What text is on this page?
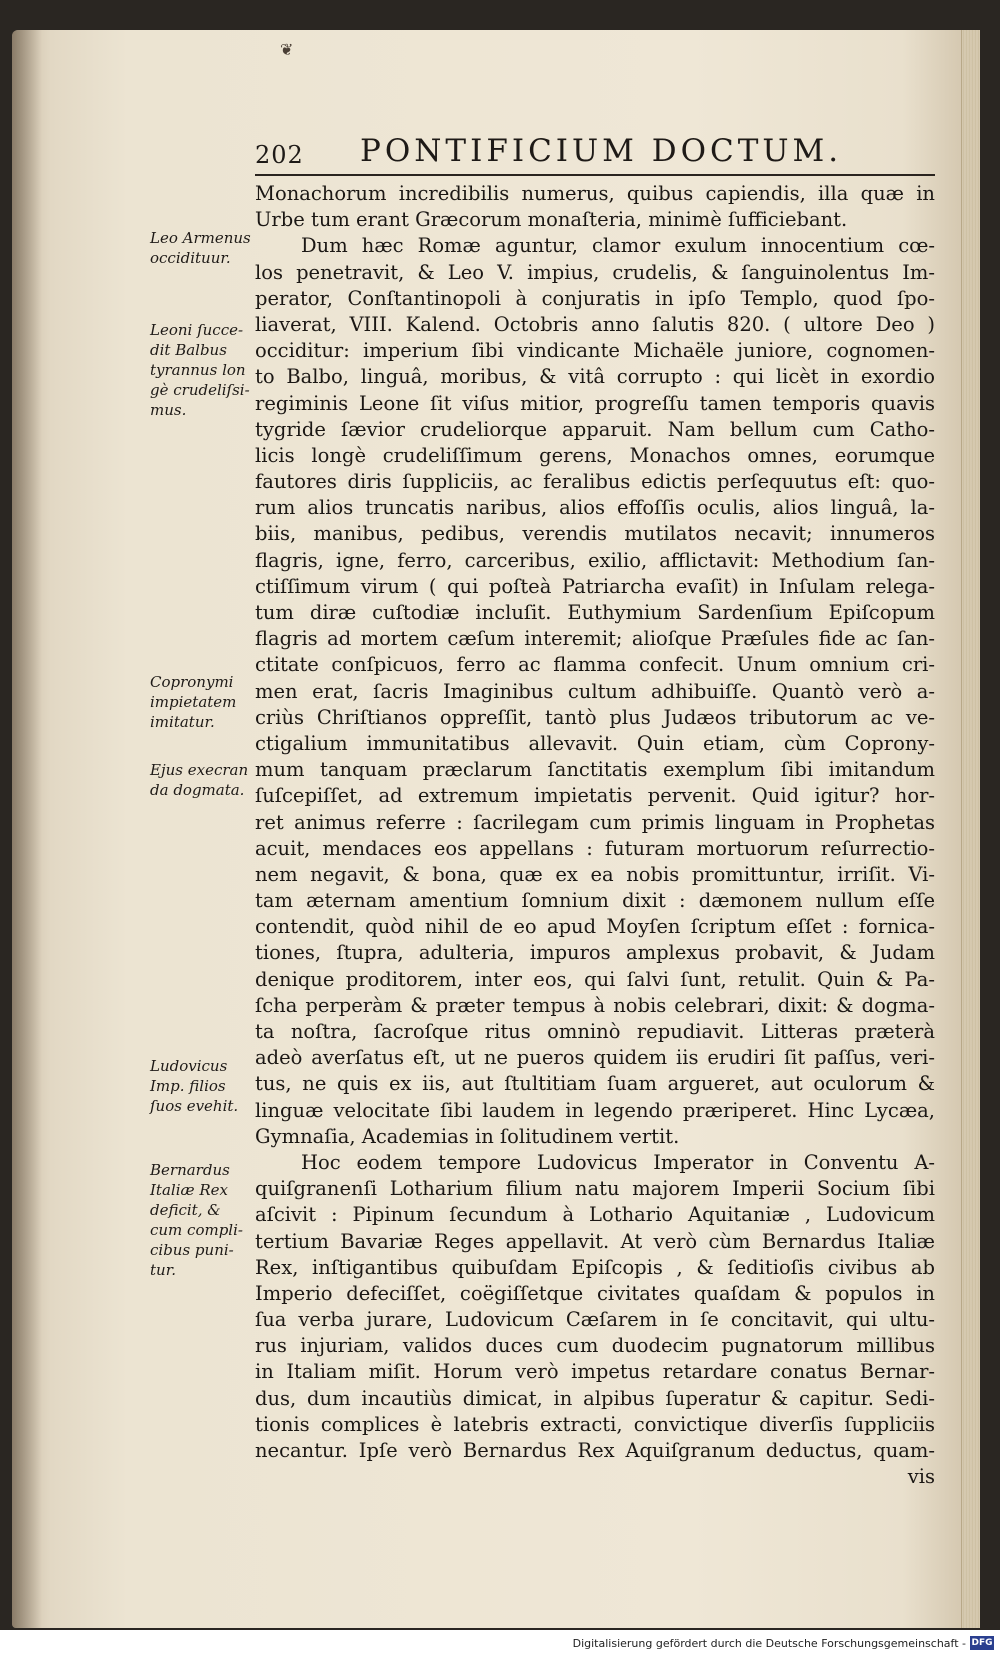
❦
202 PONTIFICIUM DOCTUM.
Leo Armenus
occidituur.
Leoni ſucce-
dit Balbus
tyrannus lon
gè crudeliſsi-
mus.
Copronymi
impietatem
imitatur.
Ejus execran
da dogmata.
Ludovicus
Imp. filios
ſuos evehit.
Bernardus
Italiæ Rex
deficit, &
cum compli-
cibus puni-
tur.
Monachorum incredibilis numerus, quibus capiendis, illa quæ in
Urbe tum erant Græcorum monaſteria, minimè ſufficiebant.
Dum hæc Romæ aguntur, clamor exulum innocentium cœ-
los penetravit, & Leo V. impius, crudelis, & ſanguinolentus Im-
perator, Conſtantinopoli à conjuratis in ipſo Templo, quod ſpo-
liaverat, VIII. Kalend. Octobris anno ſalutis 820. ( ultore Deo )
occiditur: imperium ſibi vindicante Michaële juniore, cognomen-
to Balbo, linguâ, moribus, & vitâ corrupto : qui licèt in exordio
regiminis Leone ſit viſus mitior, progreſſu tamen temporis quavis
tygride ſævior crudeliorque apparuit. Nam bellum cum Catho-
licis longè crudeliſſimum gerens, Monachos omnes, eorumque
fautores diris ſuppliciis, ac feralibus edictis perſequutus eſt: quo-
rum alios truncatis naribus, alios effoſſis oculis, alios linguâ, la-
biis, manibus, pedibus, verendis mutilatos necavit; innumeros
flagris, igne, ferro, carceribus, exilio, afflictavit: Methodium ſan-
ctiſſimum virum ( qui poſteà Patriarcha evaſit) in Inſulam relega-
tum diræ cuſtodiæ incluſit. Euthymium Sardenſium Epiſcopum
flagris ad mortem cæſum interemit; alioſque Præſules fide ac ſan-
ctitate conſpicuos, ferro ac flamma confecit. Unum omnium cri-
men erat, ſacris Imaginibus cultum adhibuiſſe. Quantò verò a-
criùs Chriſtianos oppreſſit, tantò plus Judæos tributorum ac ve-
ctigalium immunitatibus allevavit. Quin etiam, cùm Coprony-
mum tanquam præclarum ſanctitatis exemplum ſibi imitandum
ſuſcepiſſet, ad extremum impietatis pervenit. Quid igitur? hor-
ret animus referre : ſacrilegam cum primis linguam in Prophetas
acuit, mendaces eos appellans : futuram mortuorum reſurrectio-
nem negavit, & bona, quæ ex ea nobis promittuntur, irriſit. Vi-
tam æternam amentium ſomnium dixit : dæmonem nullum eſſe
contendit, quòd nihil de eo apud Moyſen ſcriptum eſſet : fornica-
tiones, ſtupra, adulteria, impuros amplexus probavit, & Judam
denique proditorem, inter eos, qui ſalvi ſunt, retulit. Quin & Pa-
ſcha perperàm & præter tempus à nobis celebrari, dixit: & dogma-
ta noſtra, ſacroſque ritus omninò repudiavit. Litteras præterà
adeò averſatus eſt, ut ne pueros quidem iis erudiri ſit paſſus, veri-
tus, ne quis ex iis, aut ſtultitiam ſuam argueret, aut oculorum &
linguæ velocitate ſibi laudem in legendo præriperet. Hinc Lycæa,
Gymnaſia, Academias in ſolitudinem vertit.
Hoc eodem tempore Ludovicus Imperator in Conventu A-
quiſgranenſi Lotharium filium natu majorem Imperii Socium ſibi
aſcivit : Pipinum ſecundum à Lothario Aquitaniæ , Ludovicum
tertium Bavariæ Reges appellavit. At verò cùm Bernardus Italiæ
Rex, inſtigantibus quibuſdam Epiſcopis , & ſeditioſis civibus ab
Imperio defeciſſet, coëgiſſetque civitates quaſdam & populos in
ſua verba jurare, Ludovicum Cæſarem in ſe concitavit, qui ultu-
rus injuriam, validos duces cum duodecim pugnatorum millibus
in Italiam miſit. Horum verò impetus retardare conatus Bernar-
dus, dum incautiùs dimicat, in alpibus ſuperatur & capitur. Sedi-
tionis complices è latebris extracti, convictique diverſis ſuppliciis
necantur. Ipſe verò Bernardus Rex Aquiſgranum deductus, quam-
vis
Digitalisierung gefördert durch die Deutsche Forschungsgemeinschaft - DFG
